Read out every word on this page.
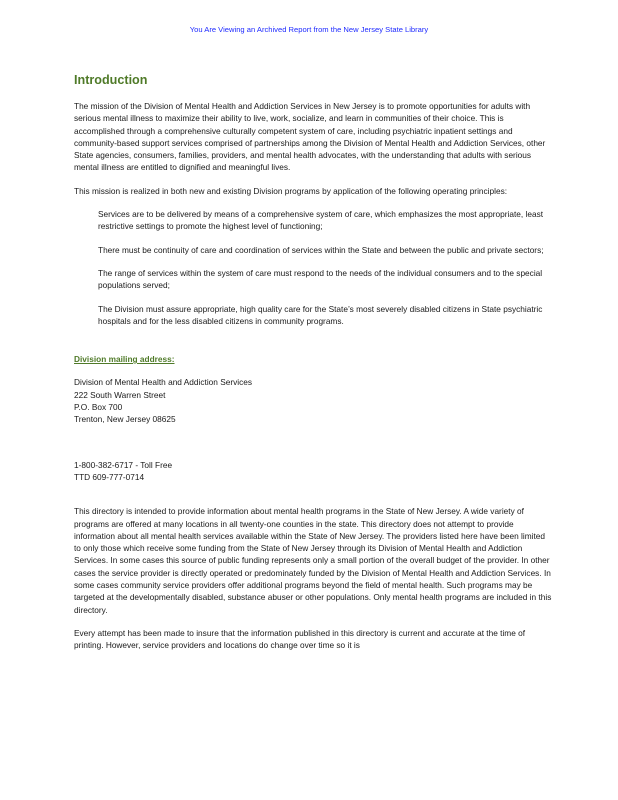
You Are Viewing an Archived Report from the New Jersey State Library
Introduction

The mission of the Division of Mental Health and Addiction Services in New Jersey is to promote opportunities for adults with serious mental illness to maximize their ability to live, work, socialize, and learn in communities of their choice. This is accomplished through a comprehensive culturally competent system of care, including psychiatric inpatient settings and community-based support services comprised of partnerships among the Division of Mental Health and Addiction Services, other State agencies, consumers, families, providers, and mental health advocates, with the understanding that adults with serious mental illness are entitled to dignified and meaningful lives.

This mission is realized in both new and existing Division programs by application of the following operating principles:

Services are to be delivered by means of a comprehensive system of care, which emphasizes the most appropriate, least restrictive settings to promote the highest level of functioning;

There must be continuity of care and coordination of services within the State and between the public and private sectors;

The range of services within the system of care must respond to the needs of the individual consumers and to the special populations served;

The Division must assure appropriate, high quality care for the State’s most severely disabled citizens in State psychiatric hospitals and for the less disabled citizens in community programs.

Division mailing address:

Division of Mental Health and Addiction Services
222 South Warren Street
P.O. Box 700
Trenton, New Jersey 08625

1-800-382-6717 - Toll Free
TTD 609-777-0714

This directory is intended to provide information about mental health programs in the State of New Jersey. A wide variety of programs are offered at many locations in all twenty-one counties in the state. This directory does not attempt to provide information about all mental health services available within the State of New Jersey. The providers listed here have been limited to only those which receive some funding from the State of New Jersey through its Division of Mental Health and Addiction Services. In some cases this source of public funding represents only a small portion of the overall budget of the provider. In other cases the service provider is directly operated or predominately funded by the Division of Mental Health and Addiction Services. In some cases community service providers offer additional programs beyond the field of mental health. Such programs may be targeted at the developmentally disabled, substance abuser or other populations. Only mental health programs are included in this directory.

Every attempt has been made to insure that the information published in this directory is current and accurate at the time of printing. However, service providers and locations do change over time so it is
